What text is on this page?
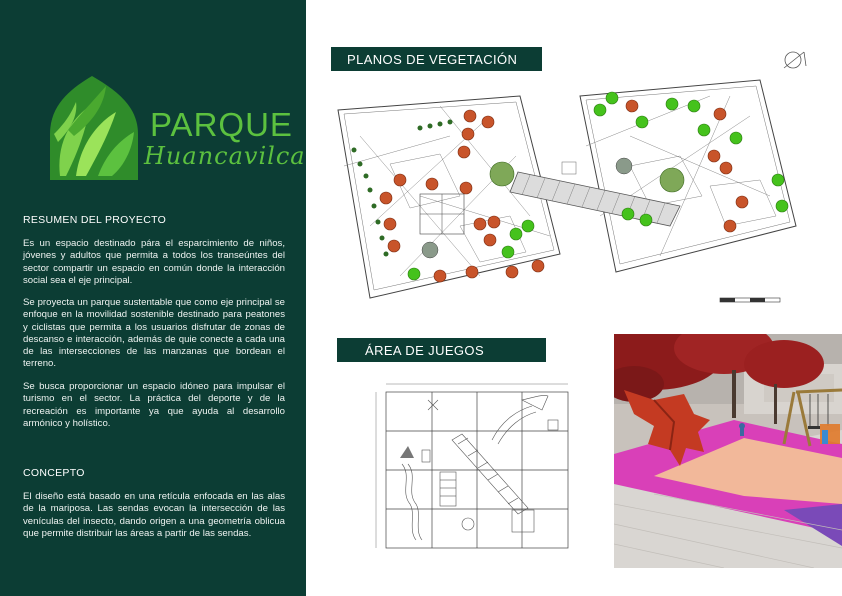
PARQUE
Huancavilca
RESUMEN DEL PROYECTO

Es un espacio destinado pára el esparcimiento de niños, jóvenes y adultos que permita a todos los transeúntes del sector compartir un espacio en común donde la interacción social sea el eje principal.

Se proyecta un parque sustentable que como eje principal se enfoque en la movilidad sostenible destinado para peatones y ciclistas que permita a los usuarios disfrutar de zonas de descanso e interacción, además de quie conecte a cada una de las intersecciones de las manzanas que bordean el terreno.

Se busca proporcionar un espacio idóneo para impulsar el turismo en el sector. La práctica del deporte y de la recreación es importante ya que ayuda al desarrollo armónico y holístico.

CONCEPTO

El diseño está basado en una retícula enfocada en las alas de la mariposa. Las sendas evocan la intersección de las venículas del insecto, dando origen a una geometría oblicua que permite distribuir las áreas a partir de las sendas.

PLANOS DE VEGETACIÓN
ÁREA DE JUEGOS
